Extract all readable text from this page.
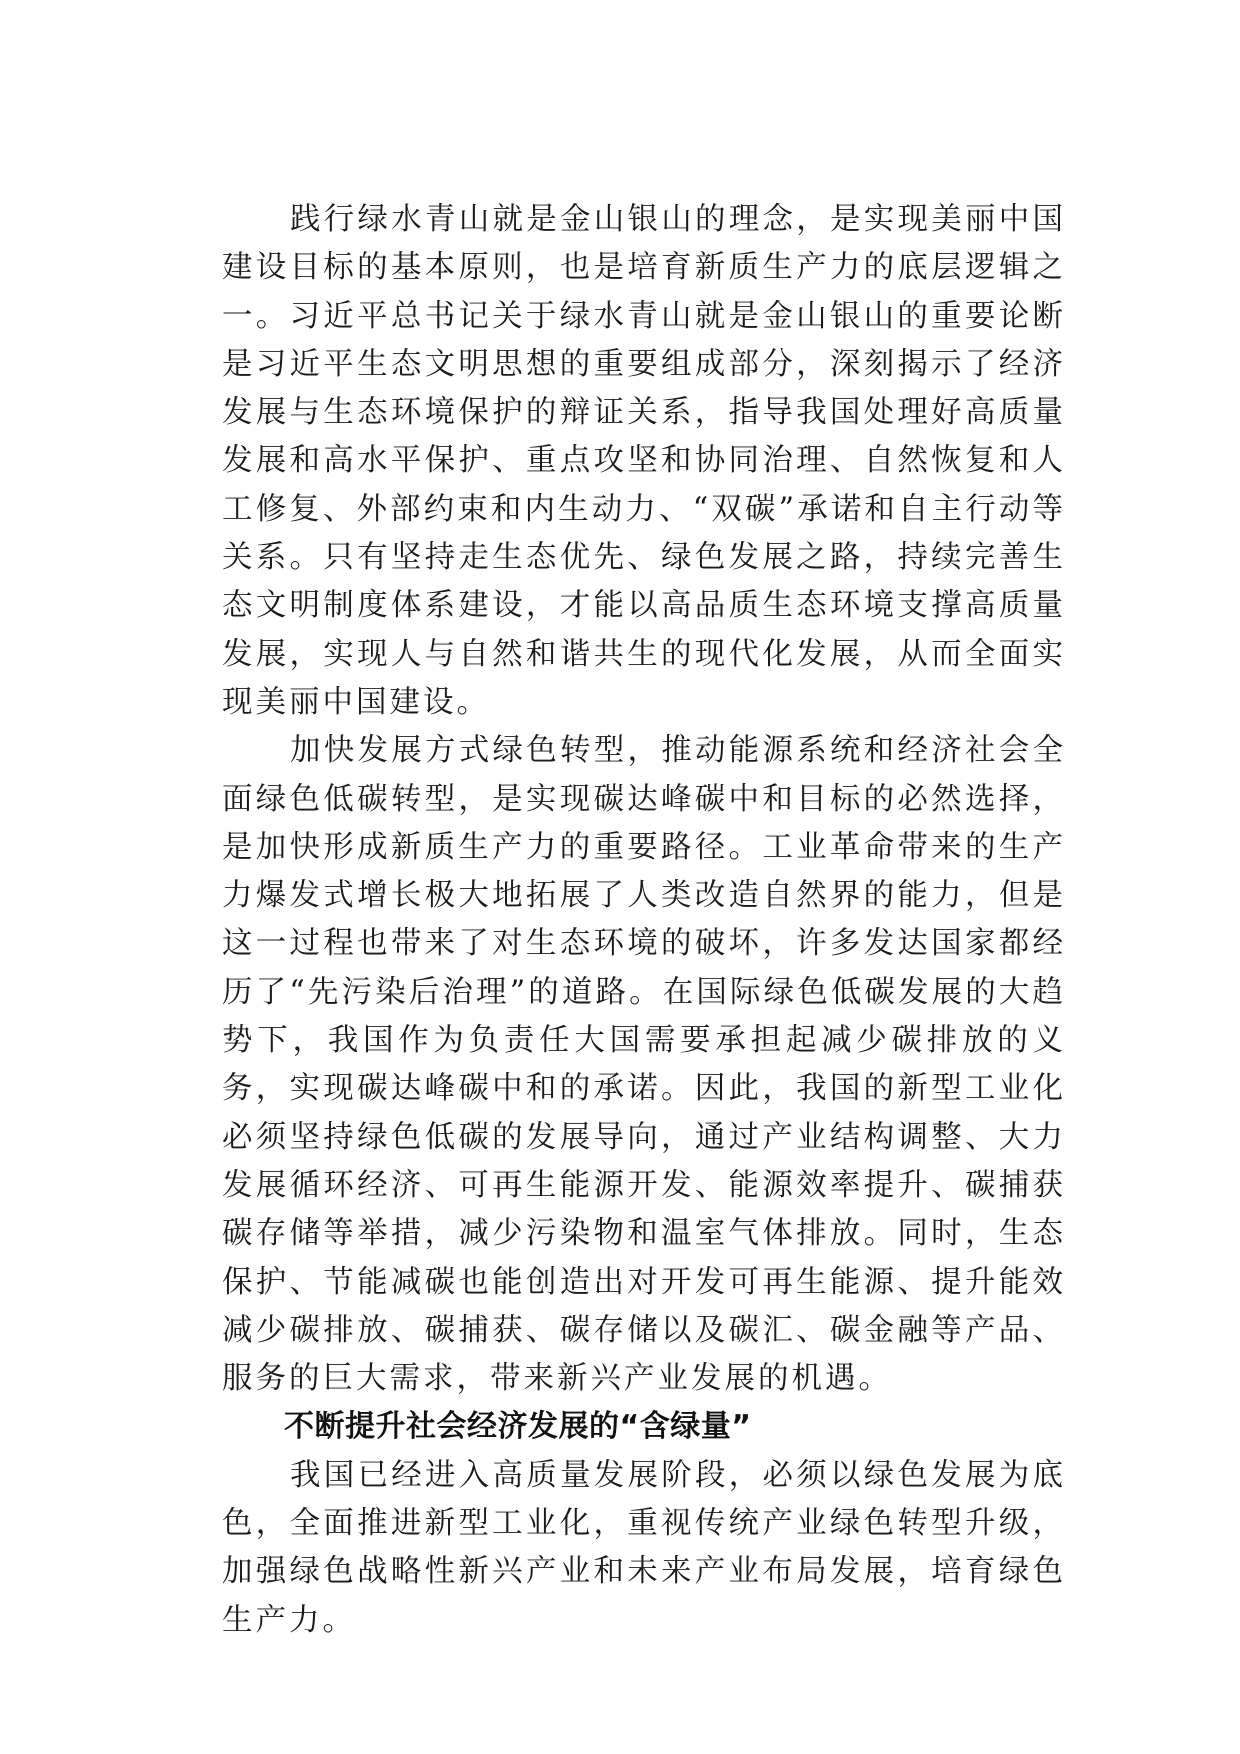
践行绿水青山就是金山银山的理念，是实现美丽中国建设目标的基本原则，也是培育新质生产力的底层逻辑之一。习近平总书记关于绿水青山就是金山银山的重要论断是习近平生态文明思想的重要组成部分，深刻揭示了经济发展与生态环境保护的辩证关系，指导我国处理好高质量发展和高水平保护、重点攻坚和协同治理、自然恢复和人工修复、外部约束和内生动力、“双碳”承诺和自主行动等关系。只有坚持走生态优先、绿色发展之路，持续完善生态文明制度体系建设，才能以高品质生态环境支撑高质量发展，实现人与自然和谐共生的现代化发展，从而全面实现美丽中国建设。

加快发展方式绿色转型，推动能源系统和经济社会全面绿色低碳转型，是实现碳达峰碳中和目标的必然选择，是加快形成新质生产力的重要路径。工业革命带来的生产力爆发式增长极大地拓展了人类改造自然界的能力，但是这一过程也带来了对生态环境的破坏，许多发达国家都经历了“先污染后治理”的道路。在国际绿色低碳发展的大趋势下，我国作为负责任大国需要承担起减少碳排放的义务，实现碳达峰碳中和的承诺。因此，我国的新型工业化必须坚持绿色低碳的发展导向，通过产业结构调整、大力发展循环经济、可再生能源开发、能源效率提升、碳捕获碳存储等举措，减少污染物和温室气体排放。同时，生态保护、节能减碳也能创造出对开发可再生能源、提升能效减少碳排放、碳捕获、碳存储以及碳汇、碳金融等产品、服务的巨大需求，带来新兴产业发展的机遇。

不断提升社会经济发展的“含绿量”

我国已经进入高质量发展阶段，必须以绿色发展为底色，全面推进新型工业化，重视传统产业绿色转型升级，加强绿色战略性新兴产业和未来产业布局发展，培育绿色生产力。
